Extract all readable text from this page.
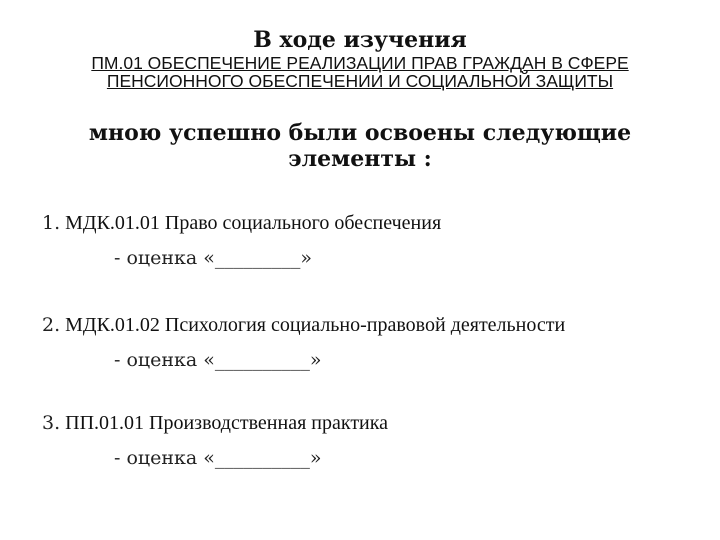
В ходе изучения
ПМ.01 ОБЕСПЕЧЕНИЕ РЕАЛИЗАЦИИ ПРАВ ГРАЖДАН В СФЕРЕ
ПЕНСИОННОГО ОБЕСПЕЧЕНИИ И СОЦИАЛЬНОЙ ЗАЩИТЫ
мною успешно были освоены следующие
элементы :
1. МДК.01.01 Право социального обеспечения
- оценка «_________»
2. МДК.01.02 Психология социально-правовой деятельности
- оценка «__________»
3. ПП.01.01 Производственная практика
- оценка «__________»
